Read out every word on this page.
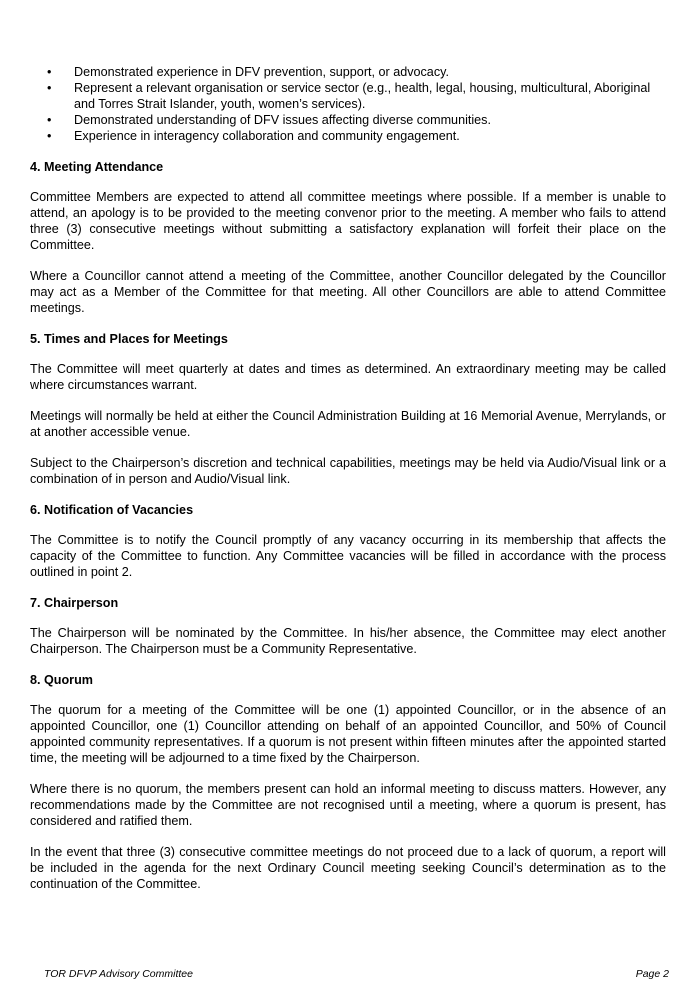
• Demonstrated experience in DFV prevention, support, or advocacy.
• Represent a relevant organisation or service sector (e.g., health, legal, housing, multicultural, Aboriginal and Torres Strait Islander, youth, women’s services).
• Demonstrated understanding of DFV issues affecting diverse communities.
• Experience in interagency collaboration and community engagement.
4. Meeting Attendance

Committee Members are expected to attend all committee meetings where possible. If a member is unable to attend, an apology is to be provided to the meeting convenor prior to the meeting. A member who fails to attend three (3) consecutive meetings without submitting a satisfactory explanation will forfeit their place on the Committee.

Where a Councillor cannot attend a meeting of the Committee, another Councillor delegated by the Councillor may act as a Member of the Committee for that meeting. All other Councillors are able to attend Committee meetings.

5. Times and Places for Meetings

The Committee will meet quarterly at dates and times as determined. An extraordinary meeting may be called where circumstances warrant.

Meetings will normally be held at either the Council Administration Building at 16 Memorial Avenue, Merrylands, or at another accessible venue.

Subject to the Chairperson’s discretion and technical capabilities, meetings may be held via Audio/Visual link or a combination of in person and Audio/Visual link.

6. Notification of Vacancies

The Committee is to notify the Council promptly of any vacancy occurring in its membership that affects the capacity of the Committee to function. Any Committee vacancies will be filled in accordance with the process outlined in point 2.

7. Chairperson

The Chairperson will be nominated by the Committee. In his/her absence, the Committee may elect another Chairperson. The Chairperson must be a Community Representative.

8. Quorum

The quorum for a meeting of the Committee will be one (1) appointed Councillor, or in the absence of an appointed Councillor, one (1) Councillor attending on behalf of an appointed Councillor, and 50% of Council appointed community representatives. If a quorum is not present within fifteen minutes after the appointed started time, the meeting will be adjourned to a time fixed by the Chairperson.

Where there is no quorum, the members present can hold an informal meeting to discuss matters. However, any recommendations made by the Committee are not recognised until a meeting, where a quorum is present, has considered and ratified them.

In the event that three (3) consecutive committee meetings do not proceed due to a lack of quorum, a report will be included in the agenda for the next Ordinary Council meeting seeking Council’s determination as to the continuation of the Committee.

TOR DFVP Advisory Committee	Page 2
